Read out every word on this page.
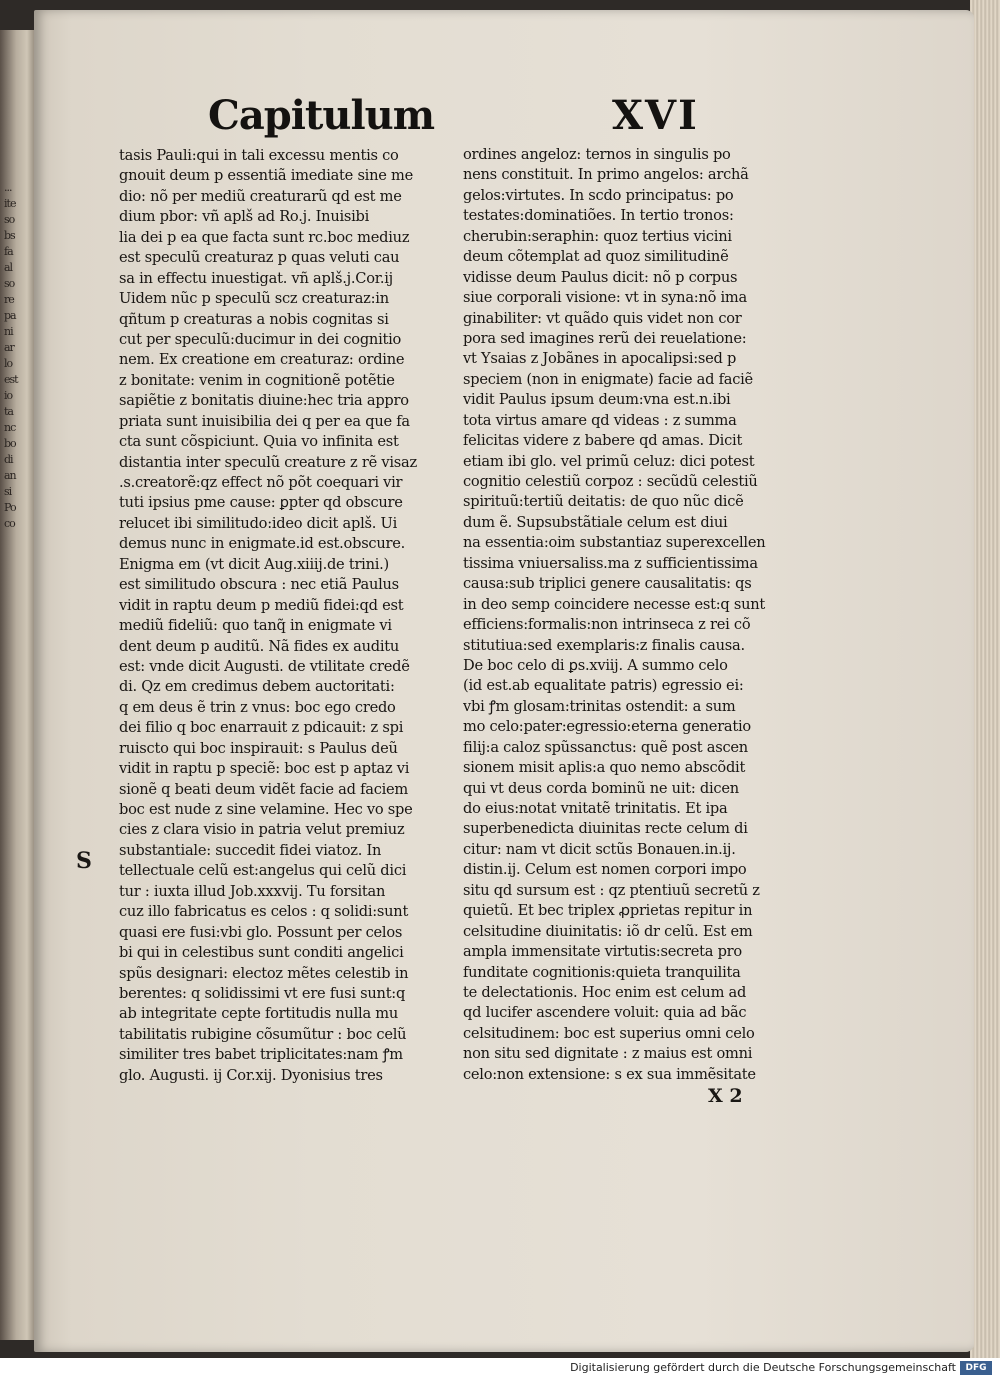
...
ite
so
bs
fa
al
so
re
pa
ni
ar
lo
est
io
ta
nc
bo
di
an
si
Po
co
Capitulum	XVI
tasis Pauli:qui in tali excessu mentis co
gnouit deum p essentiã imediate sine me
dio: nõ per mediũ creaturarũ qd est me
dium pbor: vñ aplš ad Ro.j. Inuisibi
lia dei p ea que facta sunt rc.boc mediuz
est speculũ creaturaz p quas veluti cau
sa in effectu inuestigat. vñ aplš.j.Cor.ij
Uidem nũc p speculũ scz creaturaz:in
qñtum p creaturas a nobis cognitas si
cut per speculũ:ducimur in dei cognitio
nem. Ex creatione em creaturaz: ordine
z bonitate: venim in cognitionẽ potẽtie
sapiẽtie z bonitatis diuine:hec tria appro
priata sunt inuisibilia dei q per ea que fa
cta sunt cõspiciunt. Quia vo infinita est
distantia inter speculũ creature z rẽ visaz
.s.creatorẽ:qz effect nõ põt coequari vir
tuti ipsius pme cause: ꝑpter qd obscure
relucet ibi similitudo:ideo dicit aplš. Ui
demus nunc in enigmate.id est.obscure.
Enigma em (vt dicit Aug.xiiij.de trini.)
est similitudo obscura : nec etiã Paulus
vidit in raptu deum p mediũ fidei:qd est
mediũ fideliũ: quo tanq̃ in enigmate vi
dent deum p auditũ. Nã fides ex auditu
est: vnde dicit Augusti. de vtilitate credẽ
di. Qz em credimus debem auctoritati:
q em deus ẽ trin z vnus: boc ego credo
dei filio q boc enarrauit z pdicauit: z spi
ruiscto qui boc inspirauit: s Paulus deũ
vidit in raptu p speciẽ: boc est p aptaz vi
sionẽ q beati deum vidẽt facie ad faciem
boc est nude z sine velamine. Hec vo spe
cies z clara visio in patria velut premiuz
substantiale: succedit fidei viatoz. In
tellectuale celũ est:angelus qui celũ dici
tur : iuxta illud Job.xxxvij. Tu forsitan
cuz illo fabricatus es celos : q solidi:sunt
quasi ere fusi:vbi glo. Possunt per celos
bi qui in celestibus sunt conditi angelici
spũs designari: electoz mẽtes celestib in
berentes: q solidissimi vt ere fusi sunt:q
ab integritate cepte fortitudis nulla mu
tabilitatis rubigine cõsumũtur : boc celũ
similiter tres babet triplicitates:nam ꝭm
glo. Augusti. ij Cor.xij. Dyonisius tres
ordines angeloz: ternos in singulis po
nens constituit. In primo angelos: archã
gelos:virtutes. In scdo principatus: po
testates:dominatiões. In tertio tronos:
cherubin:seraphin: quoz tertius vicini
deum cõtemplat ad quoz similitudinẽ
vidisse deum Paulus dicit: nõ p corpus
siue corporali visione: vt in syna:nõ ima
ginabiliter: vt quãdo quis videt non cor
pora sed imagines rerũ dei reuelatione:
vt Ysaias z Jobãnes in apocalipsi:sed p
speciem (non in enigmate) facie ad faciẽ
vidit Paulus ipsum deum:vna est.n.ibi
tota virtus amare qd videas : z summa
felicitas videre z babere qd amas. Dicit
etiam ibi glo. vel primũ celuz: dici potest
cognitio celestiũ corpoz : secũdũ celestiũ
spirituũ:tertiũ deitatis: de quo nũc dicẽ
dum ẽ. Supsubstãtiale celum est diui
na essentia:oim substantiaz superexcellen
tissima vniuersaliss.ma z sufficientissima
causa:sub triplici genere causalitatis: qs
in deo semp coincidere necesse est:q sunt
efficiens:formalis:non intrinseca z rei cõ
stitutiua:sed exemplaris:z finalis causa.
De boc celo di ꝑs.xviij. A summo celo
(id est.ab equalitate patris) egressio ei:
vbi ꝭm glosam:trinitas ostendit: a sum
mo celo:pater:egressio:eterna generatio
filij:a caloz spũssanctus: quẽ post ascen
sionem misit aplis:a quo nemo abscõdit
qui vt deus corda bominũ ne uit: dicen
do eius:notat vnitatẽ trinitatis. Et ipa
superbenedicta diuinitas recte celum di
citur: nam vt dicit sctũs Bonauen.in.ij.
distin.ij. Celum est nomen corpori impo
situ qd sursum est : qz ptentiuũ secretũ z
quietũ. Et bec triplex ꝓprietas repitur in
celsitudine diuinitatis: iõ dr celũ. Est em
ampla immensitate virtutis:secreta pro
funditate cognitionis:quieta tranquilita
te delectationis. Hoc enim est celum ad
qd lucifer ascendere voluit: quia ad bãc
celsitudinem: boc est superius omni celo
non situ sed dignitate : z maius est omni
celo:non extensione: s ex sua immẽsitate
S
X 2
Digitalisierung gefördert durch die Deutsche Forschungsgemeinschaft	DFG
